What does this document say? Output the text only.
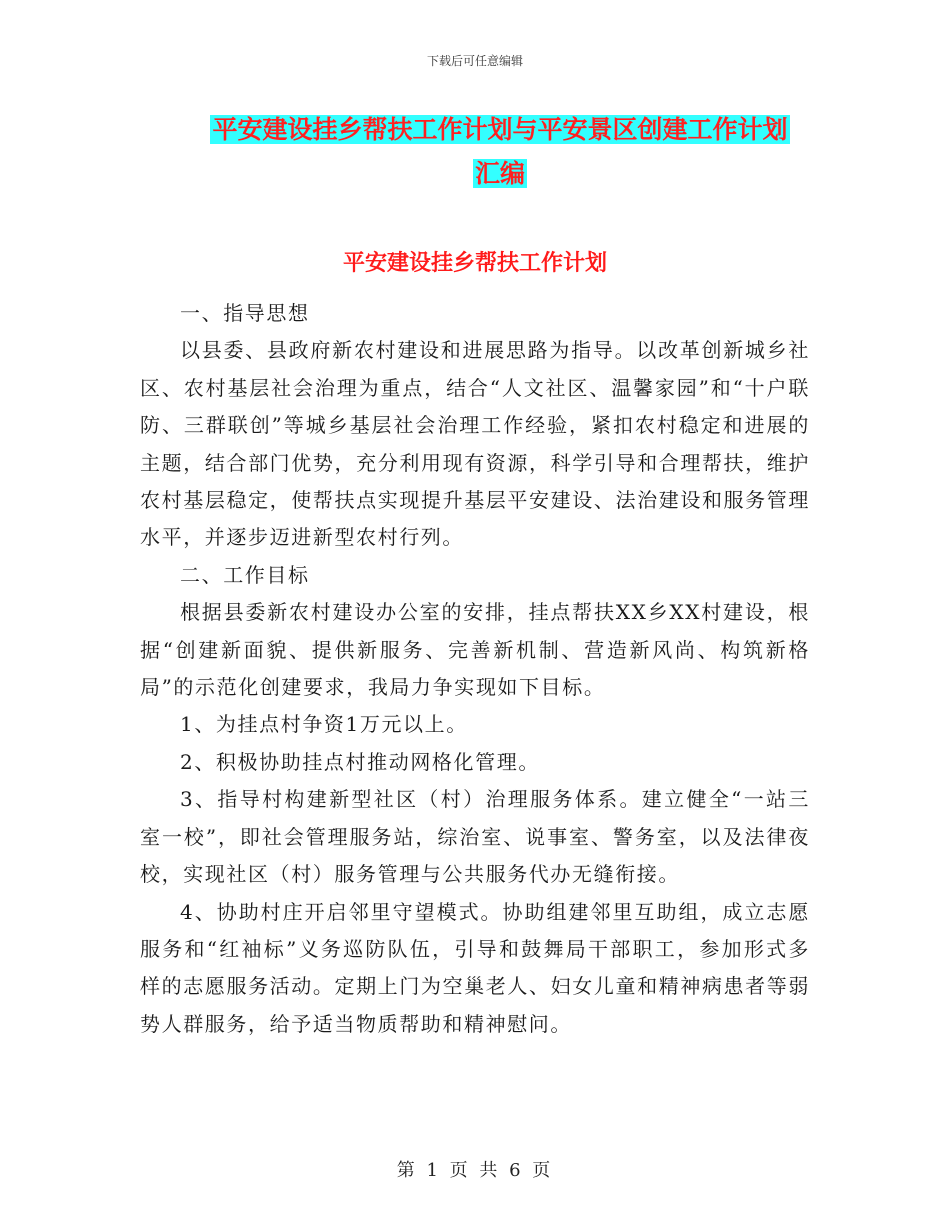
下载后可任意编辑
平安建设挂乡帮扶工作计划与平安景区创建工作计划
汇编
平安建设挂乡帮扶工作计划

一、指导思想

以县委、县政府新农村建设和进展思路为指导。以改革创新城乡社区、农村基层社会治理为重点，结合“人文社区、温馨家园”和“十户联防、三群联创”等城乡基层社会治理工作经验，紧扣农村稳定和进展的主题，结合部门优势，充分利用现有资源，科学引导和合理帮扶，维护农村基层稳定，使帮扶点实现提升基层平安建设、法治建设和服务管理水平，并逐步迈进新型农村行列。

二、工作目标

根据县委新农村建设办公室的安排，挂点帮扶XX乡XX村建设，根据“创建新面貌、提供新服务、完善新机制、营造新风尚、构筑新格局”的示范化创建要求，我局力争实现如下目标。

1、为挂点村争资1万元以上。

2、积极协助挂点村推动网格化管理。

3、指导村构建新型社区（村）治理服务体系。建立健全“一站三室一校”，即社会管理服务站，综治室、说事室、警务室，以及法律夜校，实现社区（村）服务管理与公共服务代办无缝衔接。

4、协助村庄开启邻里守望模式。协助组建邻里互助组，成立志愿服务和“红袖标”义务巡防队伍，引导和鼓舞局干部职工，参加形式多样的志愿服务活动。定期上门为空巢老人、妇女儿童和精神病患者等弱势人群服务，给予适当物质帮助和精神慰问。

第 1 页 共 6 页
